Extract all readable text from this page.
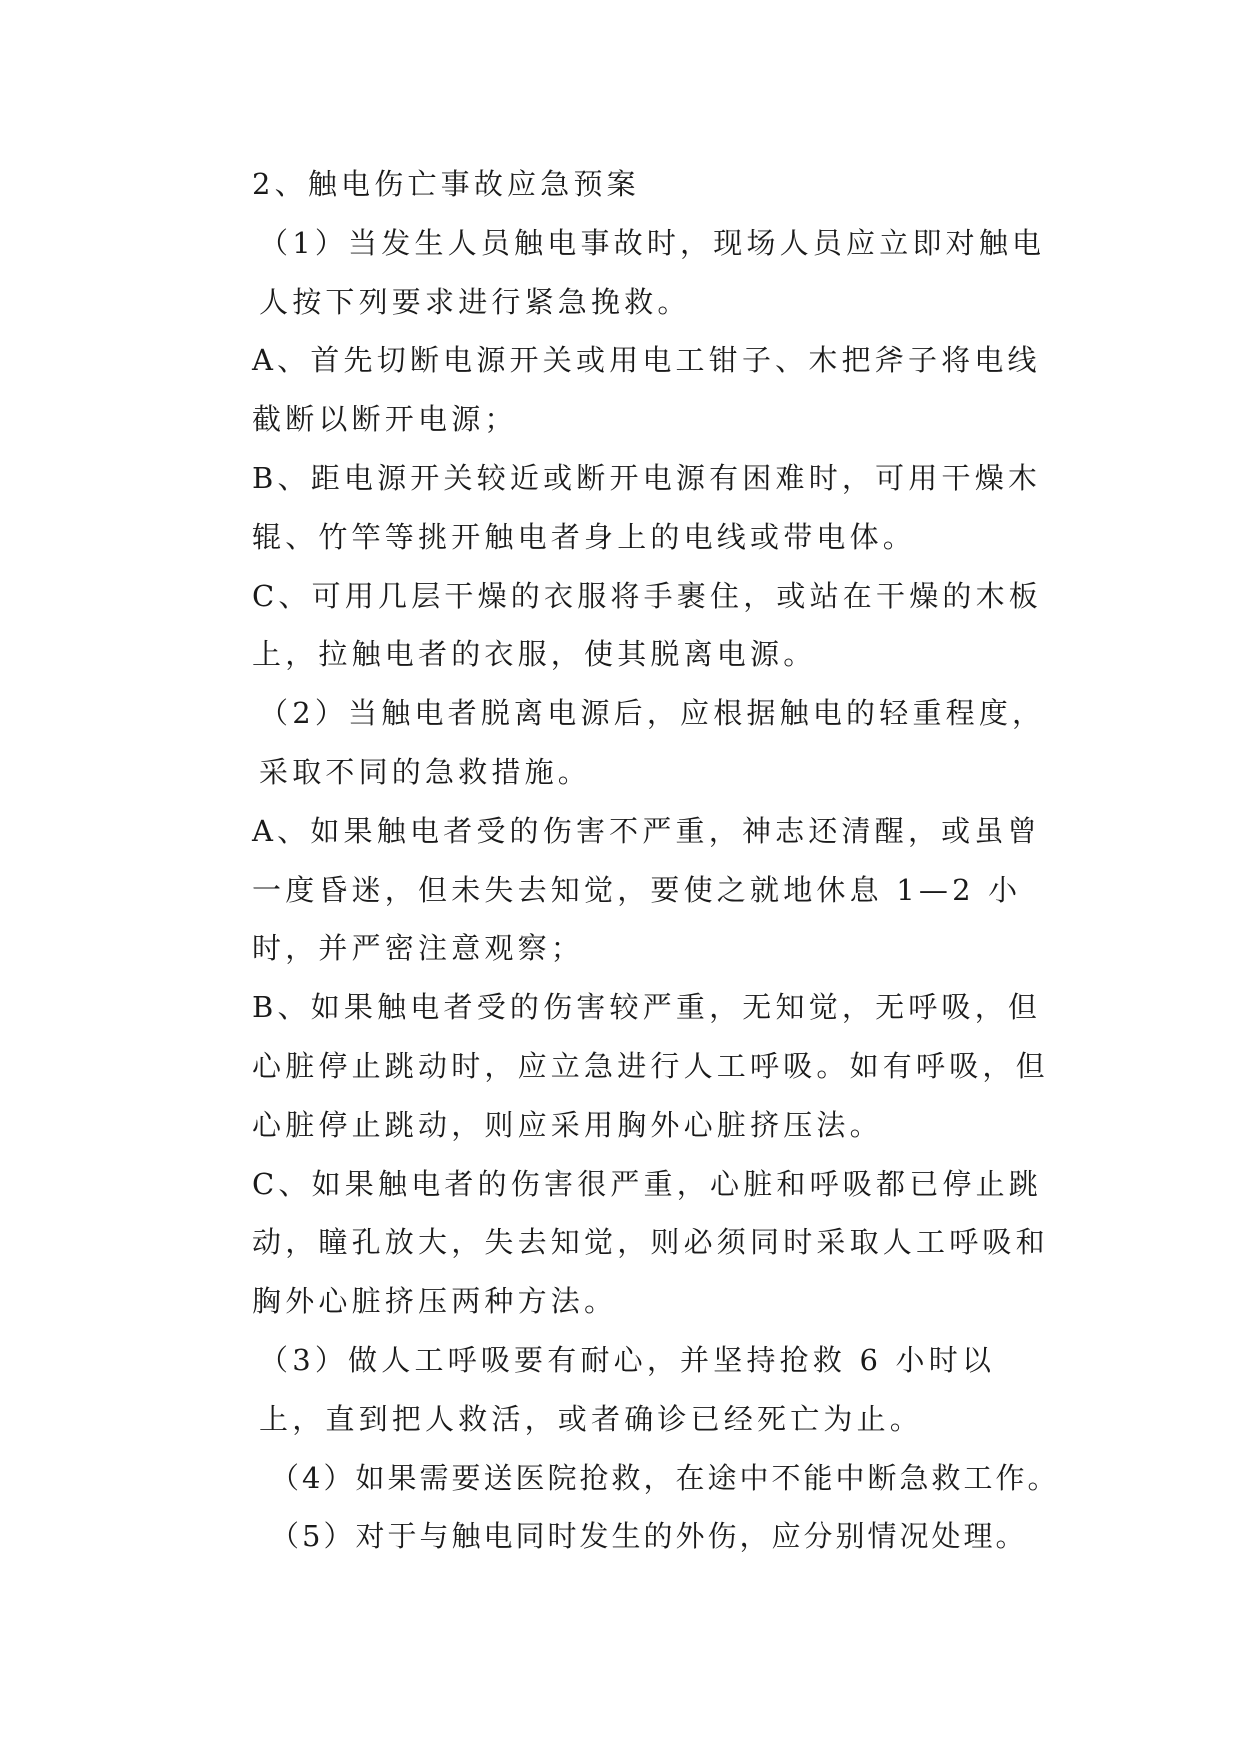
2、触电伤亡事故应急预案

（1）当发生人员触电事故时，现场人员应立即对触电人按下列要求进行紧急挽救。

A、首先切断电源开关或用电工钳子、木把斧子将电线截断以断开电源；

B、距电源开关较近或断开电源有困难时，可用干燥木辊、竹竿等挑开触电者身上的电线或带电体。

C、可用几层干燥的衣服将手裹住，或站在干燥的木板上，拉触电者的衣服，使其脱离电源。

（2）当触电者脱离电源后，应根据触电的轻重程度，采取不同的急救措施。

A、如果触电者受的伤害不严重，神志还清醒，或虽曾一度昏迷，但未失去知觉，要使之就地休息 1—2 小时，并严密注意观察；

B、如果触电者受的伤害较严重，无知觉，无呼吸，但心脏停止跳动时，应立急进行人工呼吸。如有呼吸，但心脏停止跳动，则应采用胸外心脏挤压法。

C、如果触电者的伤害很严重，心脏和呼吸都已停止跳动，瞳孔放大，失去知觉，则必须同时采取人工呼吸和胸外心脏挤压两种方法。

（3）做人工呼吸要有耐心，并坚持抢救 6 小时以上，直到把人救活，或者确诊已经死亡为止。

（4）如果需要送医院抢救，在途中不能中断急救工作。

（5）对于与触电同时发生的外伤，应分别情况处理。
